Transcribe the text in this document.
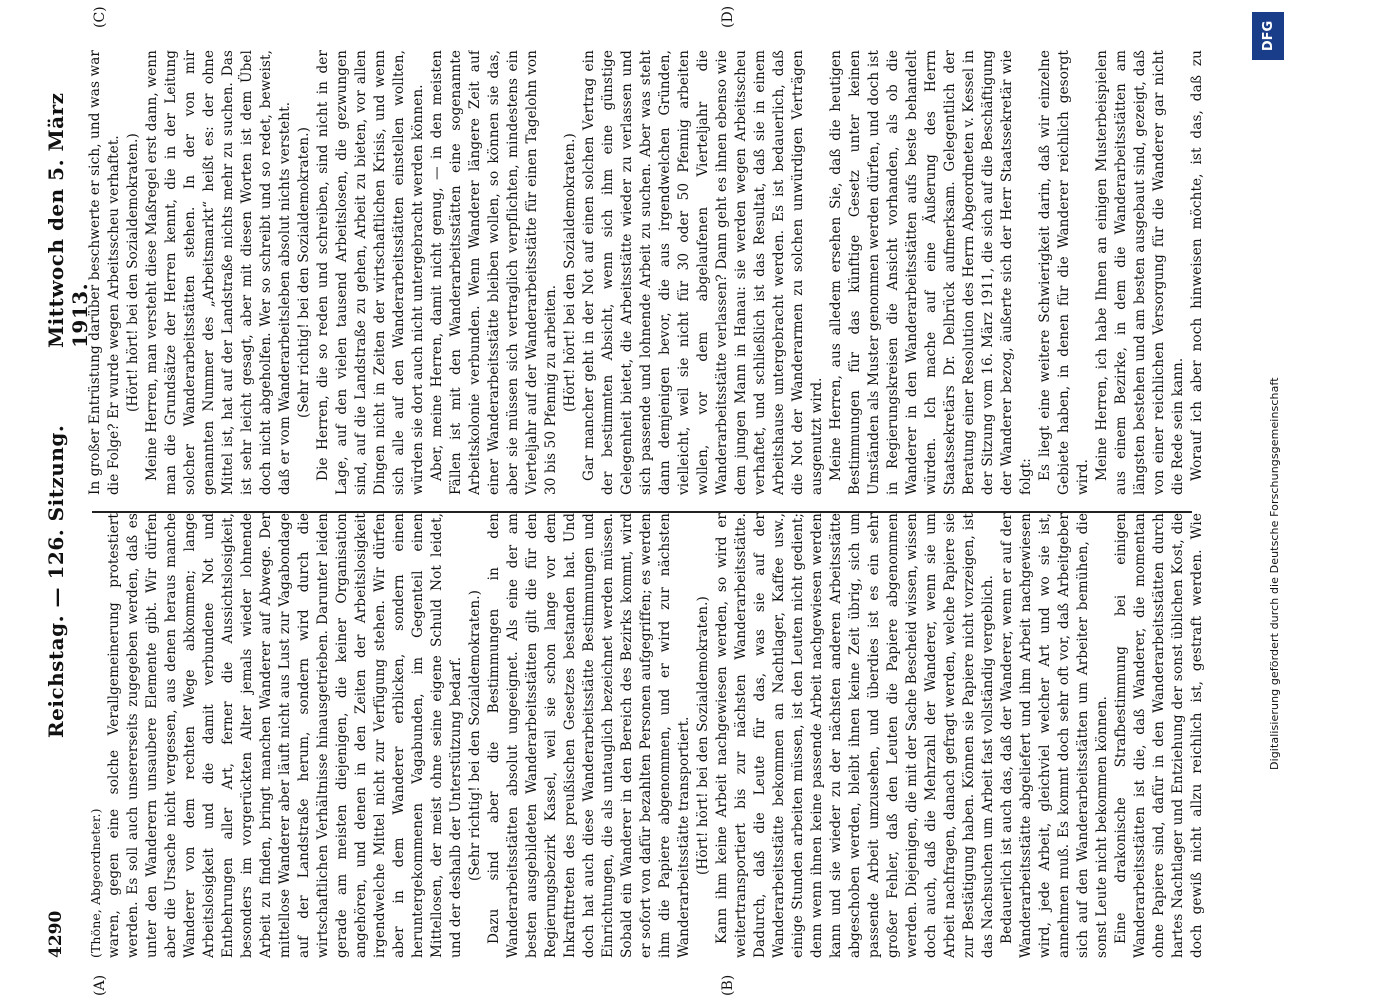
4290
Reichstag. — 126. Sitzung.
Mittwoch den 5. März 1913.
(A)	(B)
(C)	(D)

(Thöne, Abgeordneter.) waren, gegen eine solche Verallgemeinerung protestiert werden. Es soll auch unsererseits zugegeben werden, daß es unter den Wanderern unsaubere Elemente gibt. Wir dürfen aber die Ursache nicht vergessen, aus denen heraus manche Wanderer von dem rechten Wege abkommen; lange Arbeitslosigkeit und die damit verbundene Not und Entbehrungen aller Art, ferner die Aussichtslosigkeit, besonders im vorgerückten Alter jemals wieder lohnende Arbeit zu finden, bringt manchen Wanderer auf Abwege. Der mittellose Wanderer aber läuft nicht aus Lust zur Vagabondage auf der Landstraße herum, sondern wird durch die wirtschaftlichen Verhältnisse hinausgetrieben. Darunter leiden gerade am meisten diejenigen, die keiner Organisation angehören, und denen in den Zeiten der Arbeitslosigkeit irgendwelche Mittel nicht zur Verfügung stehen. Wir dürfen aber in dem Wanderer erblicken, sondern einen heruntergekommenen Vagabunden, im Gegenteil einen Mittellosen, der meist ohne seine eigene Schuld Not leidet, und der deshalb der Unterstützung bedarf. (Sehr richtig! bei den Sozialdemokraten.) Dazu sind aber die Bestimmungen in den Wanderarbeitsstätten absolut ungeeignet. Als eine der am besten ausgebildeten Wanderarbeitsstätten gilt die für den Regierungsbezirk Kassel, weil sie schon lange vor dem Inkrafttreten des preußischen Gesetzes bestanden hat. Und doch hat auch diese Wanderarbeitsstätte Bestimmungen und Einrichtungen, die als untauglich bezeichnet werden müssen. Sobald ein Wanderer in den Bereich des Bezirks kommt, wird er sofort von dafür bezahlten Personen aufgegriffen; es werden ihm die Papiere abgenommen, und er wird zur nächsten Wanderarbeitsstätte transportiert. (Hört! hört! bei den Sozialdemokraten.) Kann ihm keine Arbeit nachgewiesen werden, so wird er weitertransportiert bis zur nächsten Wanderarbeitsstätte. Dadurch, daß die Leute für das, was sie auf der Wanderarbeitsstätte bekommen an Nachtlager, Kaffee usw., einige Stunden arbeiten müssen, ist den Leuten nicht gedient; denn wenn ihnen keine passende Arbeit nachgewiesen werden kann und sie wieder zu der nächsten anderen Arbeitsstätte abgeschoben werden, bleibt ihnen keine Zeit übrig, sich um passende Arbeit umzusehen, und überdies ist es ein sehr großer Fehler, daß den Leuten die Papiere abgenommen werden. Diejenigen, die mit der Sache Bescheid wissen, wissen doch auch, daß die Mehrzahl der Wanderer, wenn sie um Arbeit nachfragen, danach gefragt werden, welche Papiere sie zur Bestätigung haben. Können sie Papiere nicht vorzeigen, ist das Nachsuchen um Arbeit fast vollständig vergeblich. Bedauerlich ist auch das, daß der Wanderer, wenn er auf der Wanderarbeitsstätte abgeliefert und ihm Arbeit nachgewiesen wird, jede Arbeit, gleichviel welcher Art und wo sie ist, annehmen muß. Es kommt doch sehr oft vor, daß Arbeitgeber sich auf den Wanderarbeitsstätten um Arbeiter bemühen, die sonst Leute nicht bekommen können. Eine drakonische Strafbestimmung bei einigen Wanderarbeitsstätten ist die, daß Wanderer, die momentan ohne Papiere sind, dafür in den Wanderarbeitsstätten durch hartes Nachtlager und Entziehung der sonst üblichen Kost, die doch gewiß nicht allzu reichlich ist, gestraft werden. Wie

In großer Entrüstung darüber beschwerte er sich, und was war die Folge? Er wurde wegen Arbeitsscheu verhaftet. (Hört! hört! bei den Sozialdemokraten.) Meine Herren, man versteht diese Maßregel erst dann, wenn man die Grundsätze der Herren kennt, die in der Leitung solcher Wanderarbeitsstätten stehen. In der von mir genannten Nummer des „Arbeitsmarkt“ heißt es: der ohne Mittel ist, hat auf der Landstraße nichts mehr zu suchen. Das ist sehr leicht gesagt, aber mit diesen Worten ist dem Übel doch nicht abgeholfen. Wer so schreibt und so redet, beweist, daß er vom Wanderarbeitsleben absolut nichts versteht. (Sehr richtig! bei den Sozialdemokraten.) Die Herren, die so reden und schreiben, sind nicht in der Lage, auf den vielen tausend Arbeitslosen, die gezwungen sind, auf die Landstraße zu gehen, Arbeit zu bieten, vor allen Dingen nicht in Zeiten der wirtschaftlichen Krisis, und wenn sich alle auf den Wanderarbeitsstätten einstellen wollten, würden sie dort auch nicht untergebracht werden können. Aber, meine Herren, damit nicht genug, — in den meisten Fällen ist mit den Wanderarbeitsstätten eine sogenannte Arbeitskolonie verbunden. Wenn Wanderer längere Zeit auf einer Wanderarbeitsstätte bleiben wollen, so können sie das, aber sie müssen sich vertraglich verpflichten, mindestens ein Vierteljahr auf der Wanderarbeitsstätte für einen Tagelohn von 30 bis 50 Pfennig zu arbeiten. (Hört! hört! bei den Sozialdemokraten.) Gar mancher geht in der Not auf einen solchen Vertrag ein der bestimmten Absicht, wenn sich ihm eine günstige Gelegenheit bietet, die Arbeitsstätte wieder zu verlassen und sich passende und lohnende Arbeit zu suchen. Aber was steht dann demjenigen bevor, die aus irgendwelchen Gründen, vielleicht, weil sie nicht für 30 oder 50 Pfennig arbeiten wollen, vor dem abgelaufenen Vierteljahr die Wanderarbeitsstätte verlassen? Dann geht es ihnen ebenso wie dem jungen Mann in Hanau: sie werden wegen Arbeitsscheu verhaftet, und schließlich ist das Resultat, daß sie in einem Arbeitshause untergebracht werden. Es ist bedauerlich, daß die Not der Wanderarmen zu solchen unwürdigen Verträgen ausgenutzt wird. Meine Herren, aus alledem ersehen Sie, daß die heutigen Bestimmungen für das künftige Gesetz unter keinen Umständen als Muster genommen werden dürfen, und doch ist in Regierungskreisen die Ansicht vorhanden, als ob die Wanderer in den Wanderarbeitsstätten aufs beste behandelt würden. Ich mache auf eine Äußerung des Herrn Staatssekretärs Dr. Delbrück aufmerksam. Gelegentlich der Beratung einer Resolution des Herrn Abgeordneten v. Kessel in der Sitzung vom 16. März 1911, die sich auf die Beschäftigung der Wanderer bezog, äußerte sich der Herr Staatssekretär wie folgt: Es liegt eine weitere Schwierigkeit darin, daß wir einzelne Gebiete haben, in denen für die Wanderer reichlich gesorgt wird. Meine Herren, ich habe Ihnen an einigen Musterbeispielen aus einem Bezirke, in dem die Wanderarbeitsstätten am längsten bestehen und am besten ausgebaut sind, gezeigt, daß von einer reichlichen Versorgung für die Wanderer gar nicht die Rede sein kann. Worauf ich aber noch hinweisen möchte, ist das, daß zu

Digitalisierung gefördert durch die Deutsche Forschungsgemeinschaft
DFG
